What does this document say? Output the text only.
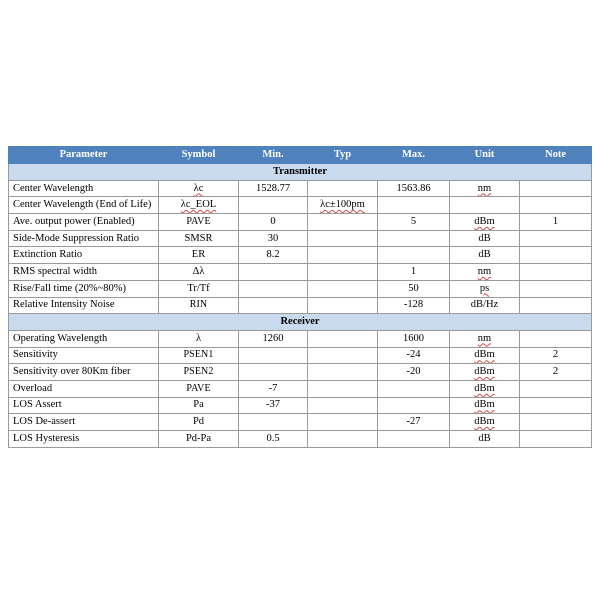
Parameter	Symbol	Min.	Typ	Max.	Unit	Note
Transmitter						
Center Wavelength	λc	1528.77		1563.86	nm	
Center Wavelength (End of Life)	λc_EOL		λc±100pm			
Ave. output power (Enabled)	PAVE	0		5	dBm	1
Side-Mode Suppression Ratio	SMSR	30			dB	
Extinction Ratio	ER	8.2			dB	
RMS spectral width	Δλ			1	nm	
Rise/Fall time (20%~80%)	Tr/Tf			50	ps	
Relative Intensity Noise	RIN			-128	dB/Hz	
Receiver						
Operating Wavelength	λ	1260		1600	nm	
Sensitivity	PSEN1			-24	dBm	2
Sensitivity over 80Km fiber	PSEN2			-20	dBm	2
Overload	PAVE	-7			dBm	
LOS Assert	Pa	-37			dBm	
LOS De-assert	Pd			-27	dBm	
LOS Hysteresis	Pd-Pa	0.5			dB	
